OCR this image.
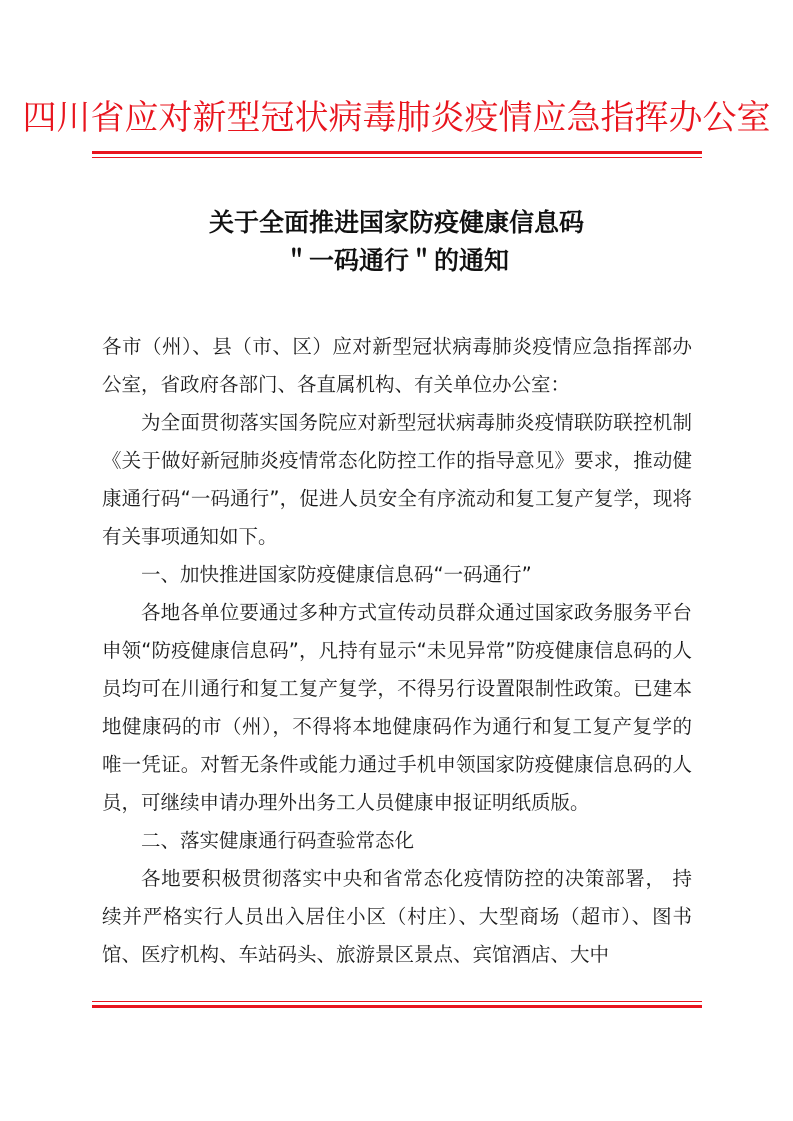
四川省应对新型冠状病毒肺炎疫情应急指挥办公室
关于全面推进国家防疫健康信息码
＂一码通行＂的通知

各市（州）、县（市、区）应对新型冠状病毒肺炎疫情应急指挥部办公室，省政府各部门、各直属机构、有关单位办公室：

为全面贯彻落实国务院应对新型冠状病毒肺炎疫情联防联控机制《关于做好新冠肺炎疫情常态化防控工作的指导意见》要求，推动健康通行码“一码通行”，促进人员安全有序流动和复工复产复学，现将有关事项通知如下。

一、加快推进国家防疫健康信息码“一码通行”

各地各单位要通过多种方式宣传动员群众通过国家政务服务平台申领“防疫健康信息码”，凡持有显示“未见异常”防疫健康信息码的人员均可在川通行和复工复产复学，不得另行设置限制性政策。已建本地健康码的市（州），不得将本地健康码作为通行和复工复产复学的唯一凭证。对暂无条件或能力通过手机申领国家防疫健康信息码的人员，可继续申请办理外出务工人员健康申报证明纸质版。

二、落实健康通行码查验常态化

各地要积极贯彻落实中央和省常态化疫情防控的决策部署， 持续并严格实行人员出入居住小区（村庄）、大型商场（超市）、图书馆、医疗机构、车站码头、旅游景区景点、宾馆酒店、大中
